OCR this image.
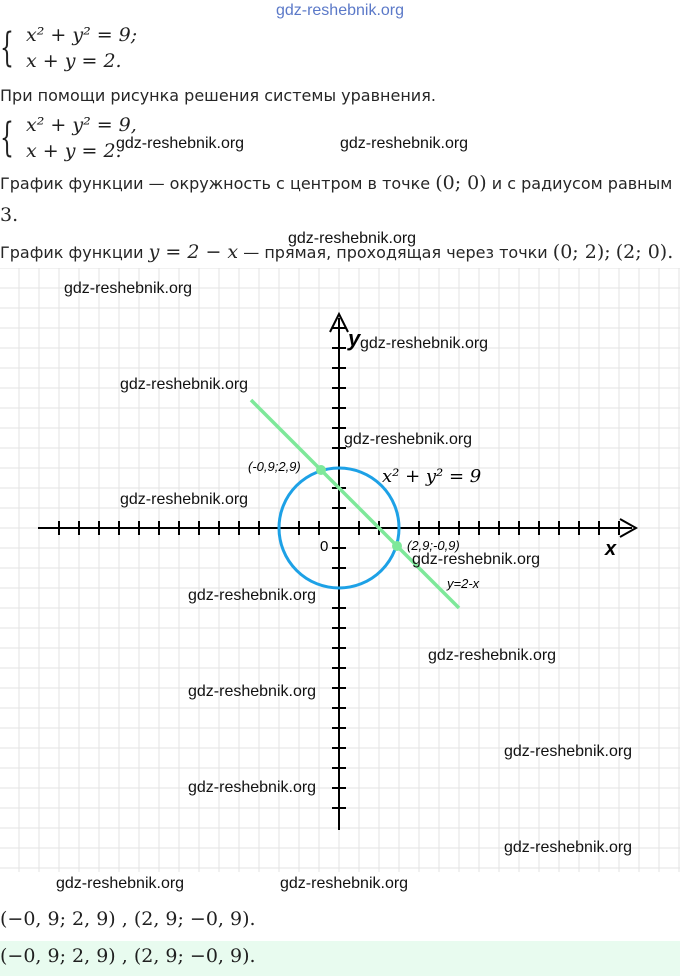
gdz-reshebnik.org
{ x² + y² = 9;
x + y = 2.
При помощи рисунка решения системы уравнения.
{ x² + y² = 9,
x + y = 2.
gdz-reshebnik.org	gdz-reshebnik.org
График функции — окружность с центром в точке (0; 0) и с радиусом равным
3.
gdz-reshebnik.org
График функции y = 2 − x — прямая, проходящая через точки (0; 2); (2; 0).
y
x
0
x² + y² = 9
y=2-x
(-0,9;2,9)
(2,9;-0,9)
gdz-reshebnik.org
gdz-reshebnik.org
gdz-reshebnik.org
gdz-reshebnik.org
gdz-reshebnik.org
gdz-reshebnik.org
gdz-reshebnik.org
gdz-reshebnik.org
gdz-reshebnik.org
gdz-reshebnik.org
gdz-reshebnik.org
gdz-reshebnik.org
gdz-reshebnik.org	gdz-reshebnik.org
(−0, 9; 2, 9) , (2, 9; −0, 9).
(−0, 9; 2, 9) , (2, 9; −0, 9).
